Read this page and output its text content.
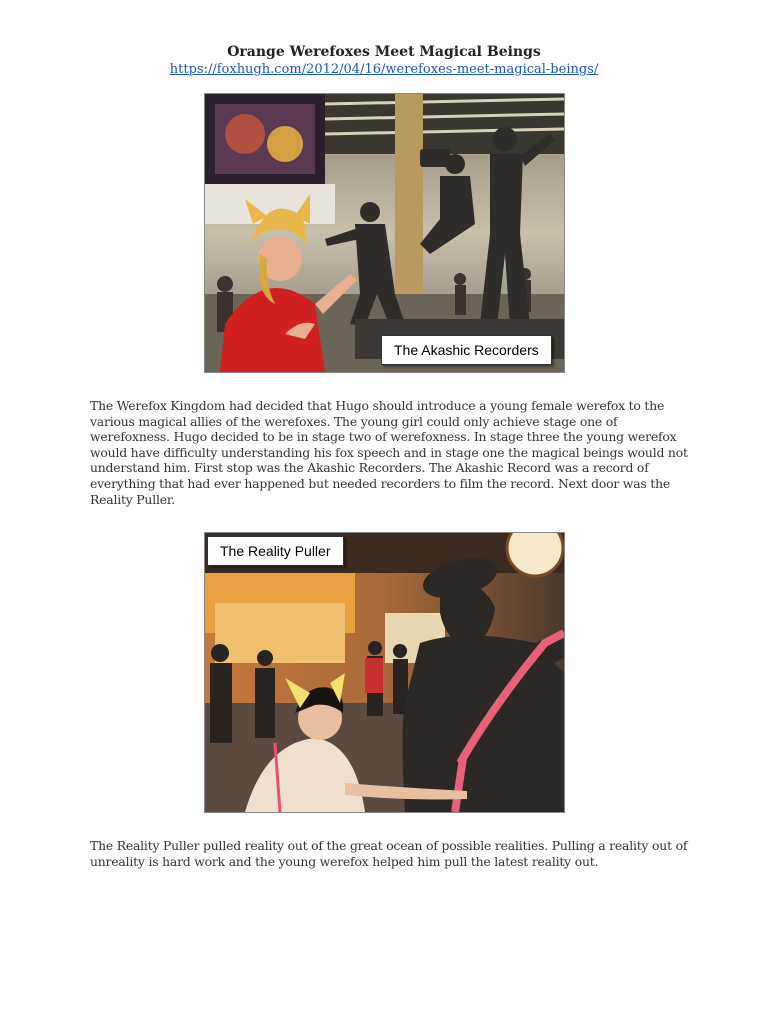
Orange Werefoxes Meet Magical Beings
https://foxhugh.com/2012/04/16/werefoxes-meet-magical-beings/
The Akashic Recorders
The Werefox Kingdom had decided that Hugo should introduce a young female werefox to the
various magical allies of the werefoxes. The young girl could only achieve stage one of
werefoxness. Hugo decided to be in stage two of werefoxness. In stage three the young werefox
would have difficulty understanding his fox speech and in stage one the magical beings would not
understand him. First stop was the Akashic Recorders. The Akashic Record was a record of
everything that had ever happened but needed recorders to film the record. Next door was the
Reality Puller.
The Reality Puller
The Reality Puller pulled reality out of the great ocean of possible realities. Pulling a reality out of
unreality is hard work and the young werefox helped him pull the latest reality out.
